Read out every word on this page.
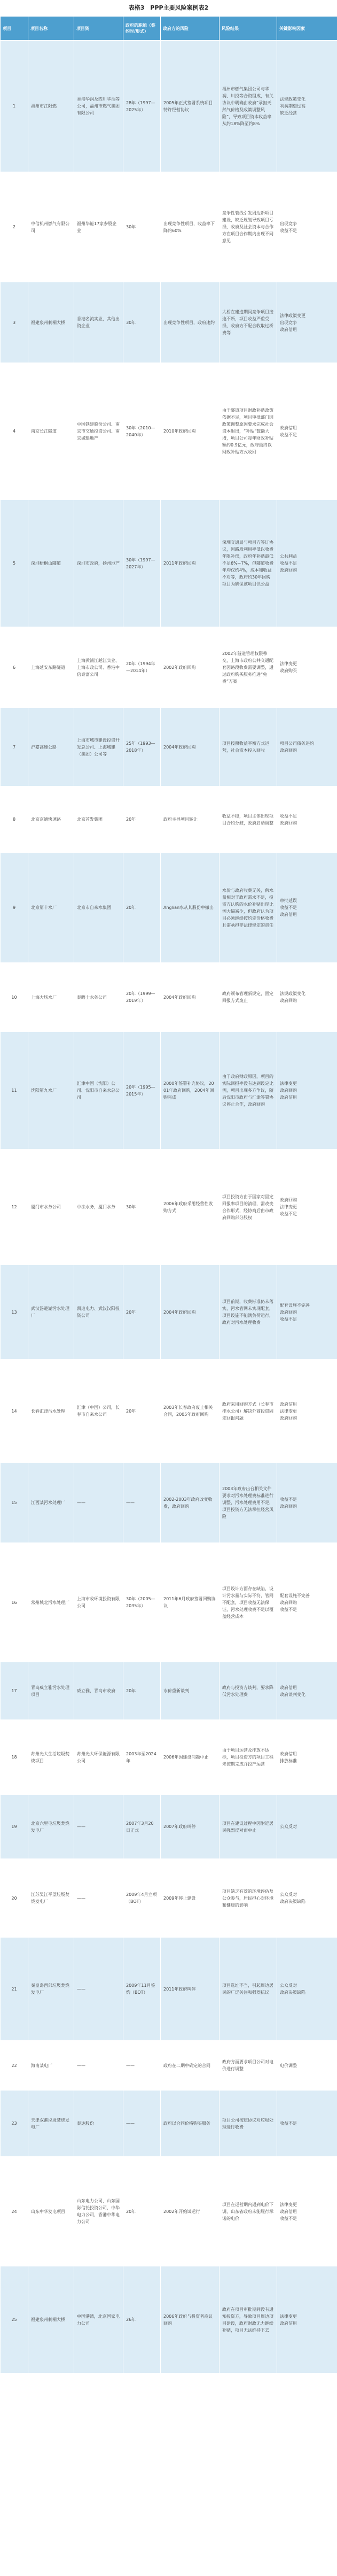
表格3　PPP主要风险案例表2
项目	项目名称	项目资	政府的职能（签约时/形式）	政府方的风险	风险结果	关键影响因素

1	福州市江阳燃	香港华润及四川华油等公司，福州市燃气集团有限公司	28年（1997—2025年）	2005年正式签署系统项目特许经营协议	福州市燃气集团公司与华润、川投等合资组成，有关协议中明确由政府“承担天然气价格及政策调整风险”，导致项目资本收益率从约18%降至约8%	法规政策变化
利润期望过高
缺乏经营

2	中信机州燃气有限公司	福州华能17家参股企业	30年	出现竞争性项目，收益率下降约60%	竞争性管线引发周边新项目建设，缺乏规划导致项目亏损，政府及社会资本与合作方在项目合作期内出现不同意见	出现竞争
收益不足

3	福建泉州刺桐大桥	香港名流实业，其他出资企业	30年	出现竞争性项目，政府违约	大桥在建造期间竞争项目接连不断，项目收益严重受损，政府方不配合收取过桥费等	法律政策变更
出现竞争
政府信用

4	南京长江隧道	中国铁建股份公司、南京市交通投资公司、南京城建地产	30年（2010—2040年）	2010年政府回购	由于隧道项目财政补贴政策依据不足，项目审批部门因政策调整原因要求完成社会资本退出，“补贴”数额大增，项目公司每年财政补贴额约0.9亿元，政府最终以财政补贴方式收回	政府信用
收益不足

5	深圳梧桐山隧道	深圳市政府，扬州地产	30年（1997—2027年）	2011年政府回购	深圳交通局与项目方签订协议，因路段利用率低以收费年限补偿，政府年补贴最低不足6%~7%，但隧道收费年均仅约4%，成本和收益不对等，政府约30年回购项目为确保该项目供公益	公共利益
收益不足
政府回购

6	上海延安东路隧道	上海黄浦江越江实业、上海市政公司、香港中信泰富公司	20年（1994年—2014年）	2002年政府回购	2002年隧道管理权限移交，上海市政府公共交通配套因路段收费需要调整，通过政府购买服务推进“免费”方案	法律变更
政府购买

7	沪嘉高速公路	上海市城市建设投资开发总公司、上海城建（集团）公司等	25年（1993—2018年）	2004年政府回购	项目按照收益平衡方式运营，社会资本投入回收	项目公司债务违约
政府回购

8	北京京通快速路	北京首发集团	20年	政府主导项目转让	收益不稳，项目主体出现项目合约分歧，政府启动调整	收益不足
政府回购

9	北京第十水厂	北京市自来水集团	20年	Anglian水从其股份中撤出	水价与政府收费无关，供水量相对于政府需求不足，投资方认购的水价补贴出现比例大幅减少，但政府认为项目必须继续按约定价格收费且需承担非法律规定的责任	审批延误
收益不足
政府信用

10	上海大场水厂	泰晤士水务公司	20年（1999—2019年）	2004年政府回购	政府颁布管理新规定，固定回报方式废止	法规政策变化
政府回购

11	沈阳第九水厂	汇津中国（沈阳）公司、沈阳市自来水总公司	20年（1995—2015年）	2000年签署补充协议，2001年政府回购，2004年回购完成	由于政府财政原因，项目的实际回报率没有达到设定比例，项目出现多方争议，随后沈阳市政府与汇津签署协议停止合作，政府回购	法律变更
政府回购
政府信用

12	厦门市水务公司	中法水务，厦门水务	30年	2006年政府采用经营性收购方式	项目投资方由于国家对固定回报率项目的清理，需改变合作形式，经协商后由市政府回购部分股权	政府回购
法律变更
收益不足

13	武汉汤逊湖污水处理厂	凯迪电力、武汉汉阳投资公司	20年	2004年政府回购	项目前期，收费标准仍未落实，污水管网未实现配套，项目设施不能满负荷运行，政府对污水处理收费	配套设施不完善
政府回购
收益不足

14	长春汇津污水处理	汇津（中国）公司，长春市自来水公司	20年	2003年长春政府废止相关合同，2005年政府回购	政府采用回购方式（长春市排水公司）解决外商投资固定回报问题	政府信用
法律变更
政府回购

15	江西某污水处理厂	——	——	2002-2003年政府改变收费，政府回购	2003年政府出台相关文件要求对污水处理费标准进行调整，污水处理费用不足，项目投资方无法承担经营风险	收益不足
政府回购

16	常州城北污水处理厂	上海市政环境投资有限公司	30年（2005—2035年）	2011年6月政府签署回购协议	项目设计方面存在缺陷，设计污水量与实际不符，管网不配套，项目收益无法保证，污水处理收费不足以覆盖经营成本	配套设施不完善
政府回购
收益不足

17	青岛威立雅污水处理项目	威立雅，青岛市政府	20年	水价重新谈判	政府与投资方谈判，要求降低污水处理费	政府信用
政府谈判变化

18	苏州光大生活垃圾焚烧项目	苏州光大环保能源有限公司	2003年至2024年	2006年因建设问题中止	由于项目运营及排放不达标，项目投资方的项目工程未按期完成并投产运营	政府信用
排放标准

19	北京六里屯垃圾焚烧发电厂	——	2007年3月20日正式	2007年政府叫停	项目在建设过程中因附近居民强烈反对而中止	公众反对

20	江苏吴江平望垃圾焚烧发电厂	——	2009年4月立项（BOT）	2009年停止建设	项目缺乏有效的环境评估及公众参与，居民担心对环境和健康的影响	公众反对
政府决策缺陷

21	秦皇岛西部垃圾焚烧发电厂	——	2009年11月签约（BOT）	2011年政府叫停	项目选址不当，引起周边居民的广泛关注和强烈抗议	公众反对
政府决策缺陷

22	海南某电厂	——	——	政府在二期中确定的合同	政府方面要求项目公司对电价进行调整	电价调整

23	天津双港垃圾焚烧发电厂	泰达股份	——	政府以合同价格购买服务	项目公司按照协议对垃圾处理进行收费	收益不足

24	山东中华发电项目	山东电力公司，山东国际信托投资公司，中华电力公司，香港中华电力公司	20年	2002年开始试运行	项目在运营期内遇到电价下调，山东省政府未能履行承诺的电价	法律变更
政府信用
收益不足

25	福建泉州刺桐大桥	中国港湾，北京国家电力公司	26年	2006年政府与投资者商议回购	政府在项目审批期间没有通知投资方，导致项目周边项目建设，政府财政无力继续补贴，项目无法维持下去	法律变更
政府信用
